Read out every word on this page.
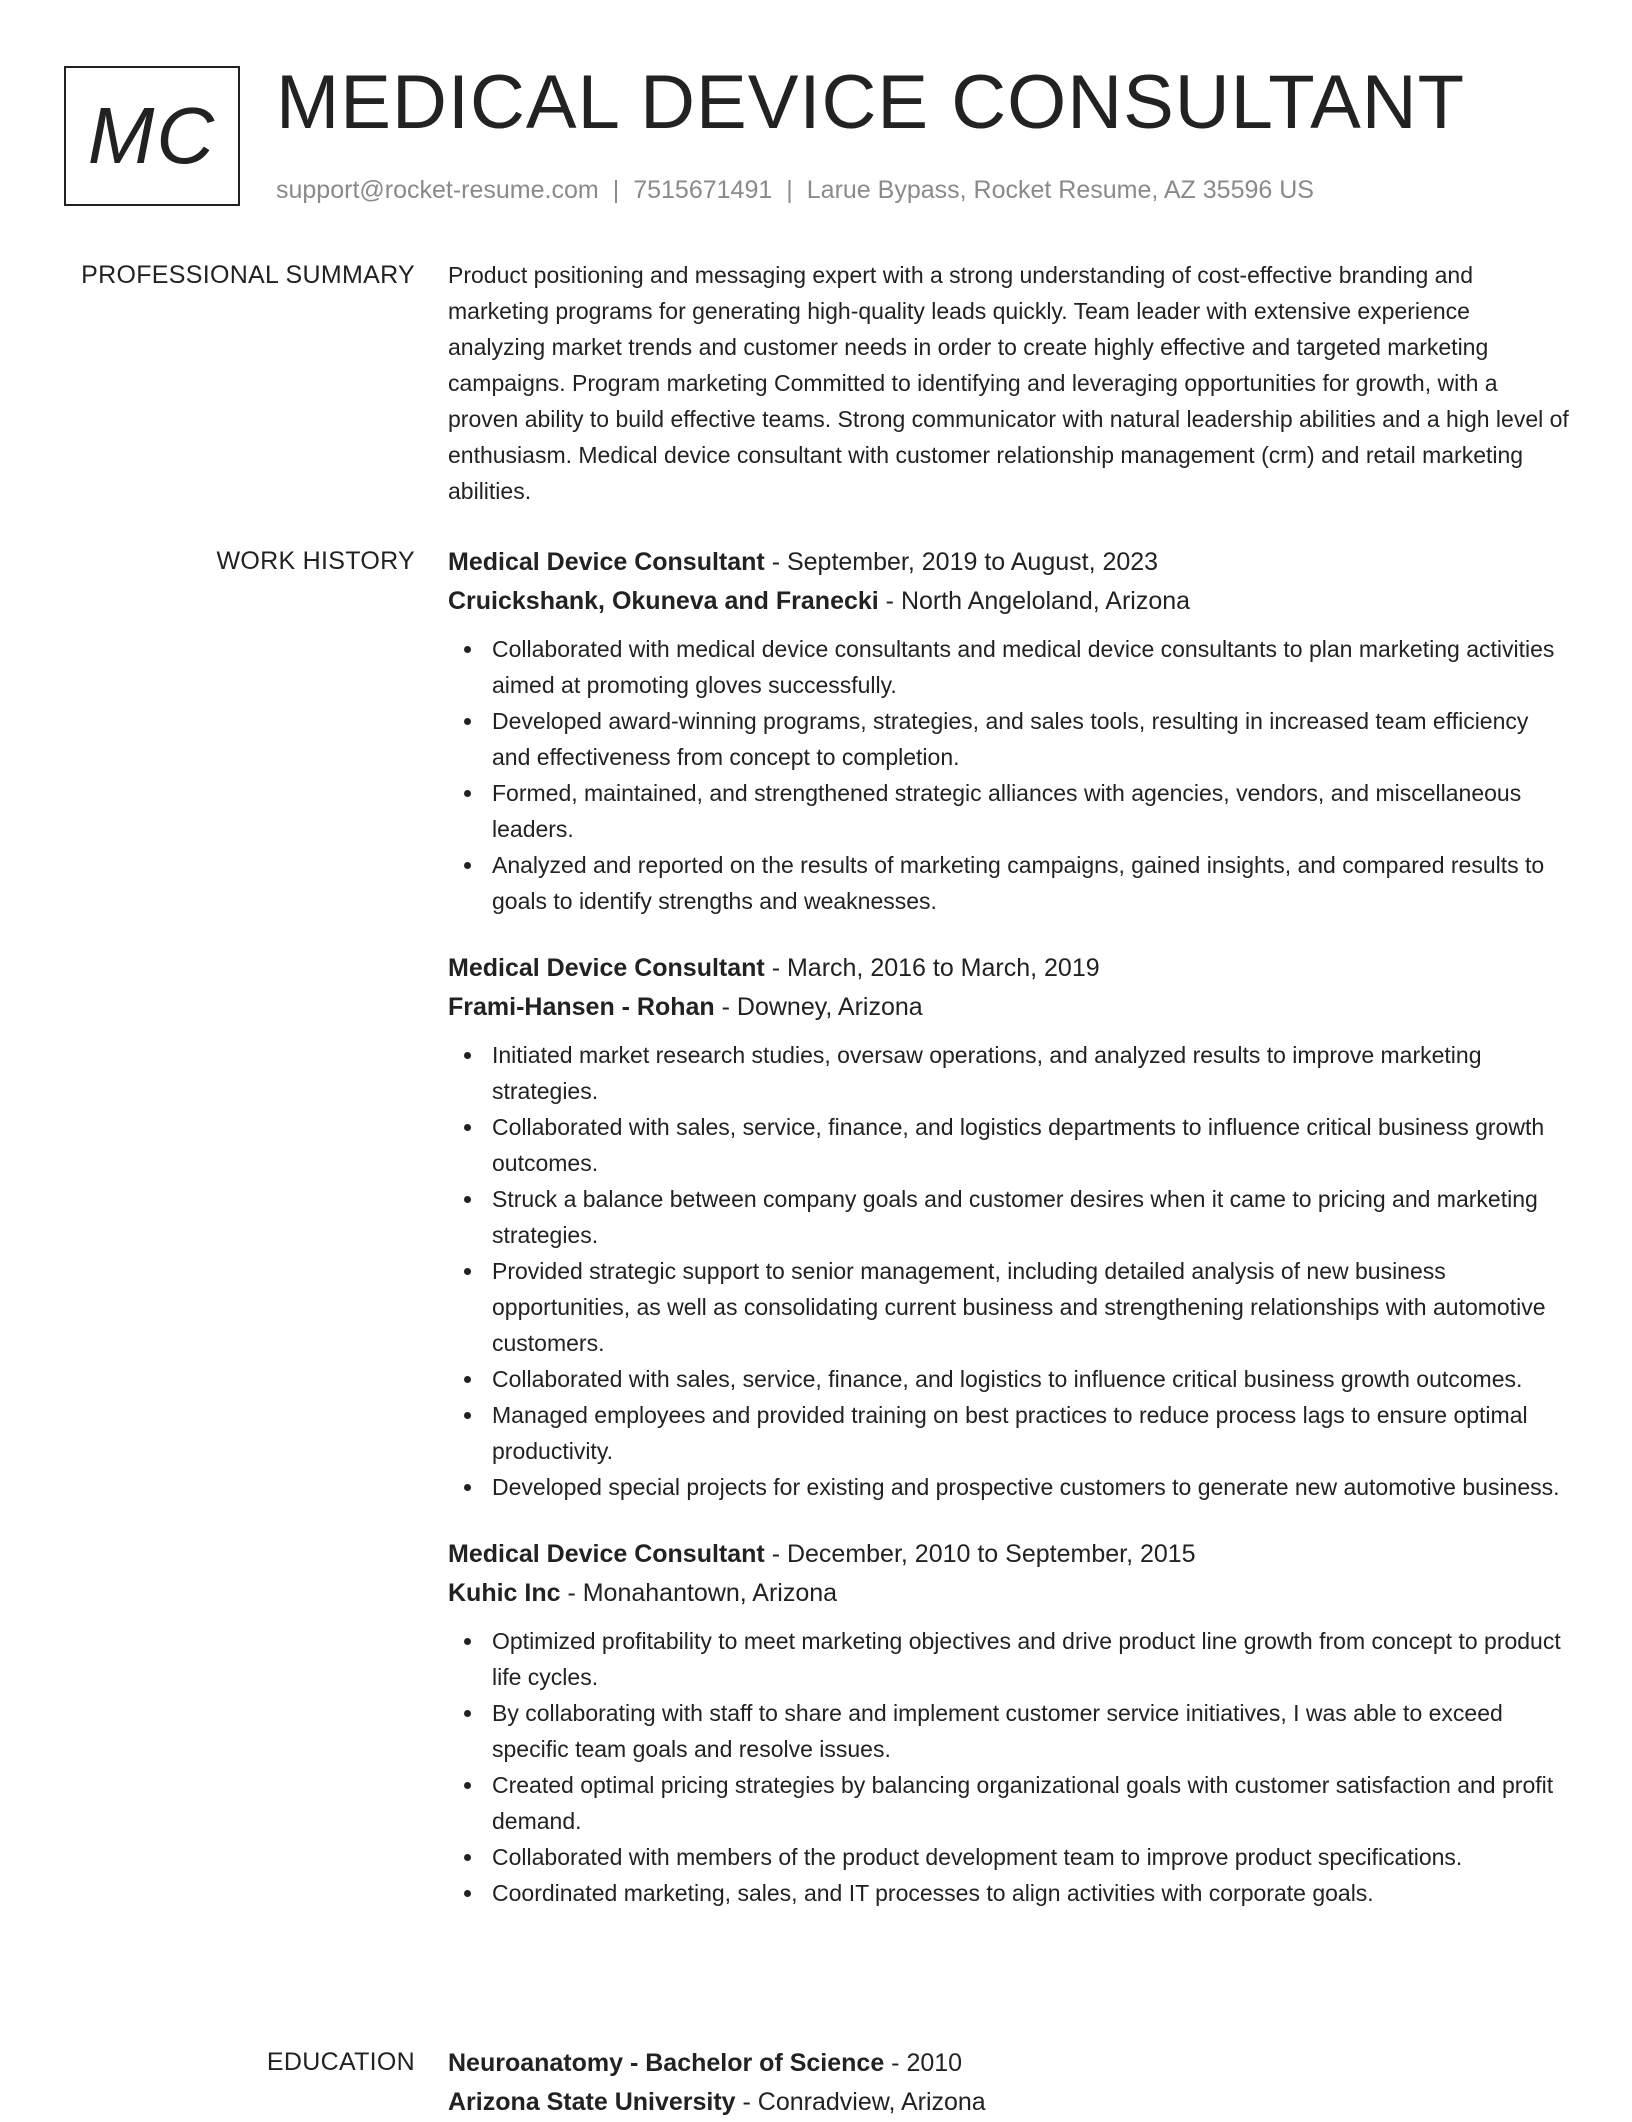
MC MEDICAL DEVICE CONSULTANT
support@rocket-resume.com | 7515671491 | Larue Bypass, Rocket Resume, AZ 35596 US
PROFESSIONAL SUMMARY Product positioning and messaging expert with a strong understanding of cost-effective branding and marketing programs for generating high-quality leads quickly. Team leader with extensive experience analyzing market trends and customer needs in order to create highly effective and targeted marketing campaigns. Program marketing Committed to identifying and leveraging opportunities for growth, with a proven ability to build effective teams. Strong communicator with natural leadership abilities and a high level of enthusiasm. Medical device consultant with customer relationship management (crm) and retail marketing abilities.

WORK HISTORY Medical Device Consultant - September, 2019 to August, 2023
Cruickshank, Okuneva and Franecki - North Angeloland, Arizona
Collaborated with medical device consultants and medical device consultants to plan marketing activities aimed at promoting gloves successfully.
Developed award-winning programs, strategies, and sales tools, resulting in increased team efficiency and effectiveness from concept to completion.
Formed, maintained, and strengthened strategic alliances with agencies, vendors, and miscellaneous leaders.
Analyzed and reported on the results of marketing campaigns, gained insights, and compared results to goals to identify strengths and weaknesses.
Medical Device Consultant - March, 2016 to March, 2019
Frami-Hansen - Rohan - Downey, Arizona
Initiated market research studies, oversaw operations, and analyzed results to improve marketing strategies.
Collaborated with sales, service, finance, and logistics departments to influence critical business growth outcomes.
Struck a balance between company goals and customer desires when it came to pricing and marketing strategies.
Provided strategic support to senior management, including detailed analysis of new business opportunities, as well as consolidating current business and strengthening relationships with automotive customers.
Collaborated with sales, service, finance, and logistics to influence critical business growth outcomes.
Managed employees and provided training on best practices to reduce process lags to ensure optimal productivity.
Developed special projects for existing and prospective customers to generate new automotive business.
Medical Device Consultant - December, 2010 to September, 2015
Kuhic Inc - Monahantown, Arizona
Optimized profitability to meet marketing objectives and drive product line growth from concept to product life cycles.
By collaborating with staff to share and implement customer service initiatives, I was able to exceed specific team goals and resolve issues.
Created optimal pricing strategies by balancing organizational goals with customer satisfaction and profit demand.
Collaborated with members of the product development team to improve product specifications.
Coordinated marketing, sales, and IT processes to align activities with corporate goals.
EDUCATION Neuroanatomy - Bachelor of Science - 2010
Arizona State University - Conradview, Arizona
